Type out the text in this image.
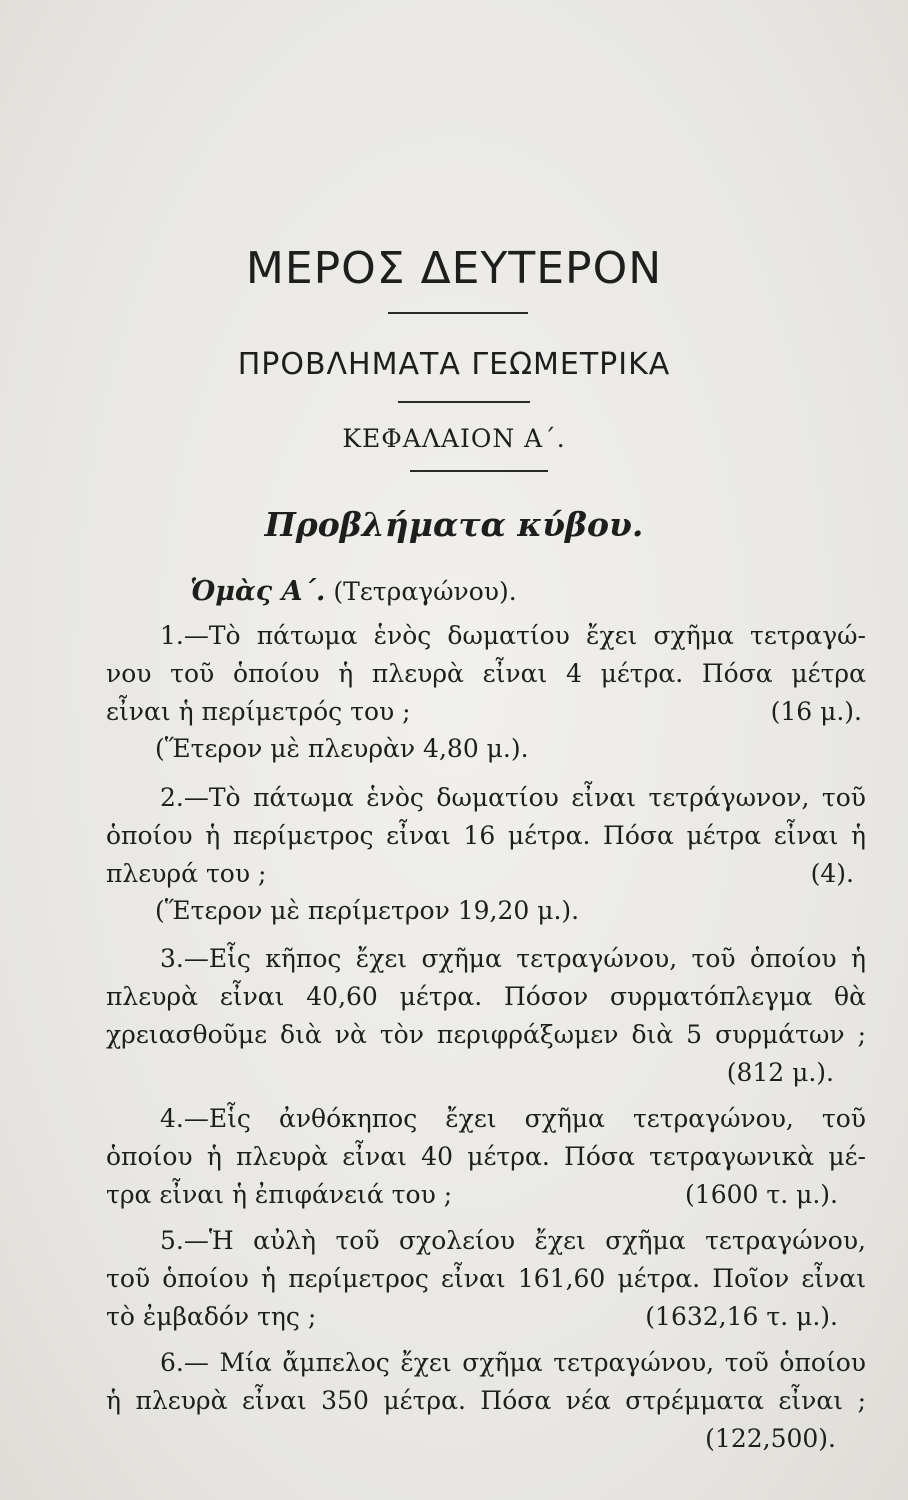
ΜΕΡΟΣ ΔΕΥΤΕΡΟΝ
ΠΡΟΒΛΗΜΑΤΑ ΓΕΩΜΕΤΡΙΚΑ
ΚΕΦΑΛΑΙΟΝ Α΄.
Προβλήματα κύβου.
Ὁμὰς Α΄. (Τετραγώνου).
1.—Τὸ πάτωμα ἑνὸς δωματίου ἔχει σχῆμα τετραγώ-
νου τοῦ ὁποίου ἡ πλευρὰ εἶναι 4 μέτρα. Πόσα μέτρα
εἶναι ἡ περίμετρός του ;	(16 μ.).
(Ἕτερον μὲ πλευρὰν 4,80 μ.).
2.—Τὸ πάτωμα ἑνὸς δωματίου εἶναι τετράγωνον, τοῦ
ὁποίου ἡ περίμετρος εἶναι 16 μέτρα. Πόσα μέτρα εἶναι ἡ
πλευρά του ;	(4).
(Ἕτερον μὲ περίμετρον 19,20 μ.).
3.—Εἷς κῆπος ἔχει σχῆμα τετραγώνου, τοῦ ὁποίου ἡ
πλευρὰ εἶναι 40,60 μέτρα. Πόσον συρματόπλεγμα θὰ
χρειασθοῦμε διὰ νὰ τὸν περιφράξωμεν διὰ 5 συρμάτων ;
(812 μ.).
4.—Εἷς ἀνθόκηπος ἔχει σχῆμα τετραγώνου, τοῦ
ὁποίου ἡ πλευρὰ εἶναι 40 μέτρα. Πόσα τετραγωνικὰ μέ-
τρα εἶναι ἡ ἐπιφάνειά του ;	(1600 τ. μ.).
5.—Ἡ αὐλὴ τοῦ σχολείου ἔχει σχῆμα τετραγώνου,
τοῦ ὁποίου ἡ περίμετρος εἶναι 161,60 μέτρα. Ποῖον εἶναι
τὸ ἐμβαδόν της ;	(1632,16 τ. μ.).
6.— Μία ἄμπελος ἔχει σχῆμα τετραγώνου, τοῦ ὁποίου
ἡ πλευρὰ εἶναι 350 μέτρα. Πόσα νέα στρέμματα εἶναι ;
(122,500).
